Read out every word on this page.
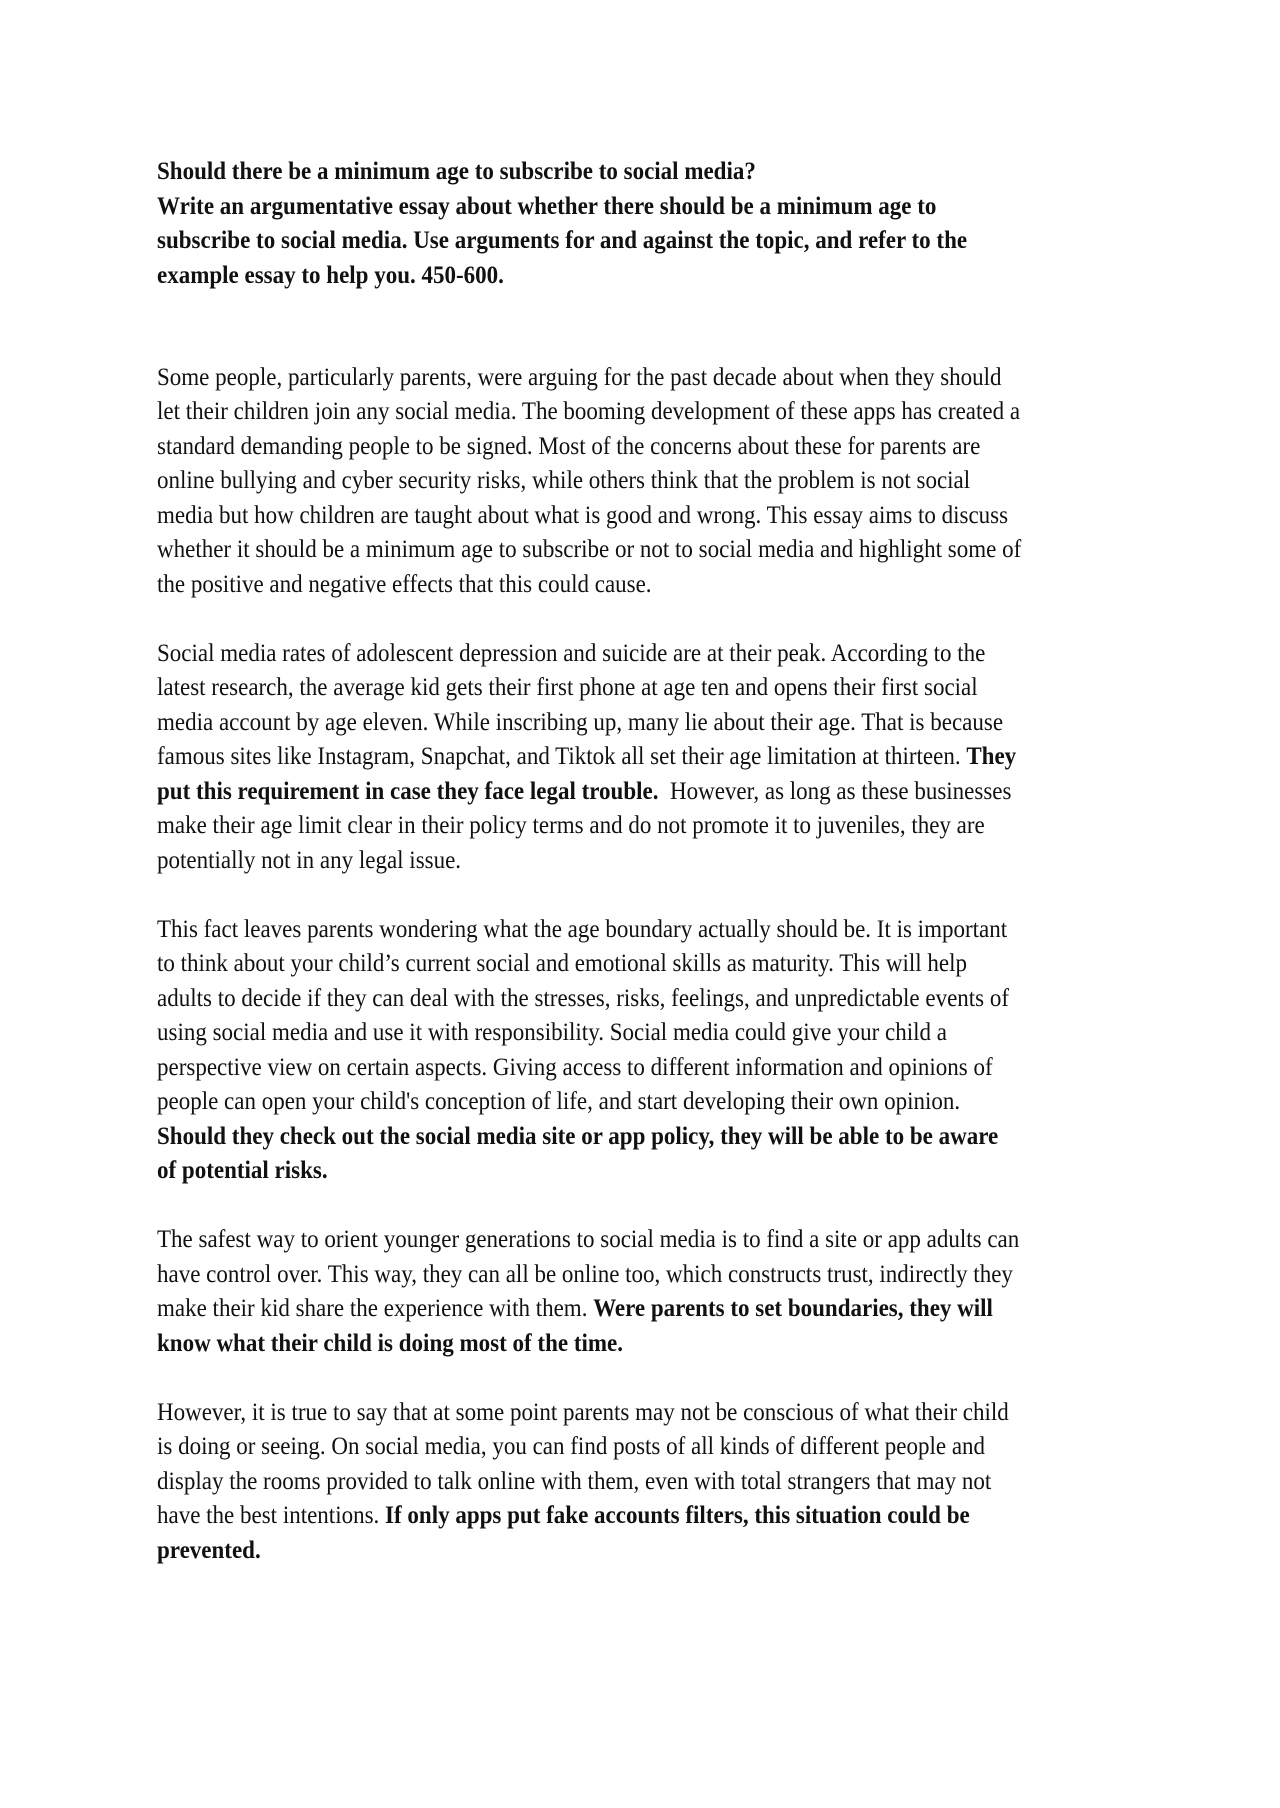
Should there be a minimum age to subscribe to social media?
Write an argumentative essay about whether there should be a minimum age to
subscribe to social media. Use arguments for and against the topic, and refer to the
example essay to help you. 450-600.
Some people, particularly parents, were arguing for the past decade about when they should
let their children join any social media. The booming development of these apps has created a
standard demanding people to be signed. Most of the concerns about these for parents are
online bullying and cyber security risks, while others think that the problem is not social
media but how children are taught about what is good and wrong. This essay aims to discuss
whether it should be a minimum age to subscribe or not to social media and highlight some of
the positive and negative effects that this could cause.
Social media rates of adolescent depression and suicide are at their peak. According to the
latest research, the average kid gets their first phone at age ten and opens their first social
media account by age eleven. While inscribing up, many lie about their age. That is because
famous sites like Instagram, Snapchat, and Tiktok all set their age limitation at thirteen. They
put this requirement in case they face legal trouble.  However, as long as these businesses
make their age limit clear in their policy terms and do not promote it to juveniles, they are
potentially not in any legal issue.
This fact leaves parents wondering what the age boundary actually should be. It is important
to think about your child’s current social and emotional skills as maturity. This will help
adults to decide if they can deal with the stresses, risks, feelings, and unpredictable events of
using social media and use it with responsibility. Social media could give your child a
perspective view on certain aspects. Giving access to different information and opinions of
people can open your child's conception of life, and start developing their own opinion.
Should they check out the social media site or app policy, they will be able to be aware
of potential risks.
The safest way to orient younger generations to social media is to find a site or app adults can
have control over. This way, they can all be online too, which constructs trust, indirectly they
make their kid share the experience with them. Were parents to set boundaries, they will
know what their child is doing most of the time.
However, it is true to say that at some point parents may not be conscious of what their child
is doing or seeing. On social media, you can find posts of all kinds of different people and
display the rooms provided to talk online with them, even with total strangers that may not
have the best intentions. If only apps put fake accounts filters, this situation could be
prevented.
